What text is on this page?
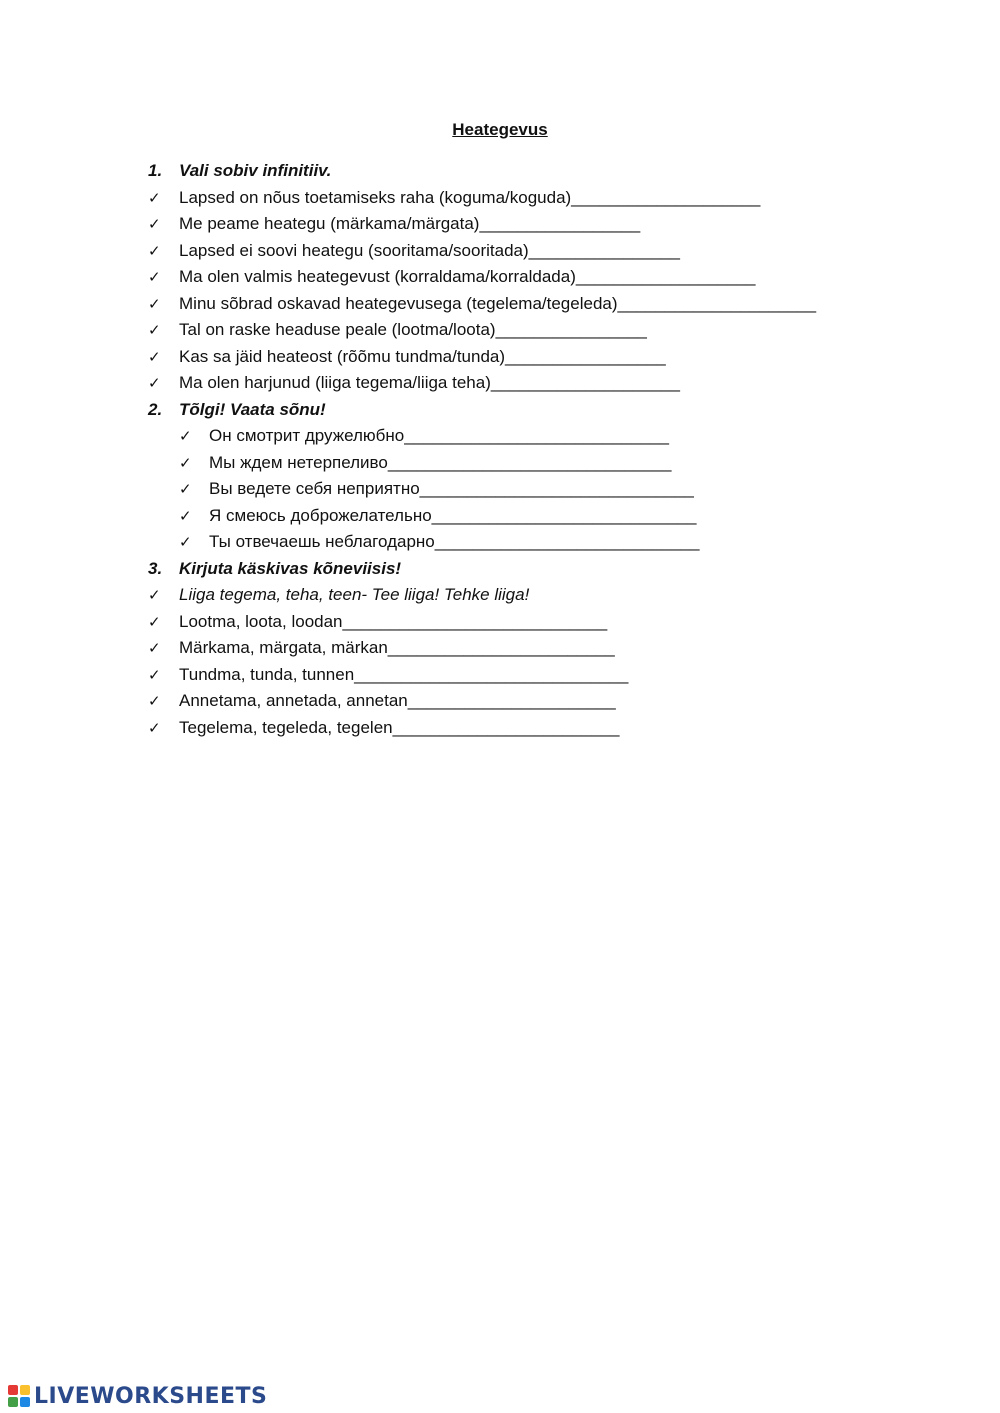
Heategevus
1. Vali sobiv infinitiiv.
✓	Lapsed on nõus toetamiseks raha (koguma/koguda)____________________
✓	Me peame heategu (märkama/märgata)_________________
✓	Lapsed ei soovi heategu (sooritama/sooritada)________________
✓	Ma olen valmis heategevust (korraldama/korraldada)___________________
✓	Minu sõbrad oskavad heategevusega (tegelema/tegeleda)_____________________
✓	Tal on raske headuse peale (lootma/loota)________________
✓	Kas sa jäid heateost (rõõmu tundma/tunda)_________________
✓	Ma olen harjunud (liiga tegema/liiga teha)____________________
2. Tõlgi! Vaata sõnu!
✓	Он смотрит дружелюбно____________________________
✓	Мы ждем нетерпеливо______________________________
✓	Вы ведете себя неприятно_____________________________
✓	Я смеюсь доброжелательно____________________________
✓	Ты отвечаешь неблагодарно____________________________
3. Kirjuta käskivas kõneviisis!
✓	Liiga tegema, teha, teen- Tee liiga! Tehke liiga!
✓	Lootma, loota, loodan____________________________
✓	Märkama, märgata, märkan________________________
✓	Tundma, tunda, tunnen_____________________________
✓	Annetama, annetada, annetan______________________
✓	Tegelema, tegeleda, tegelen________________________
LIVEWORKSHEETS
